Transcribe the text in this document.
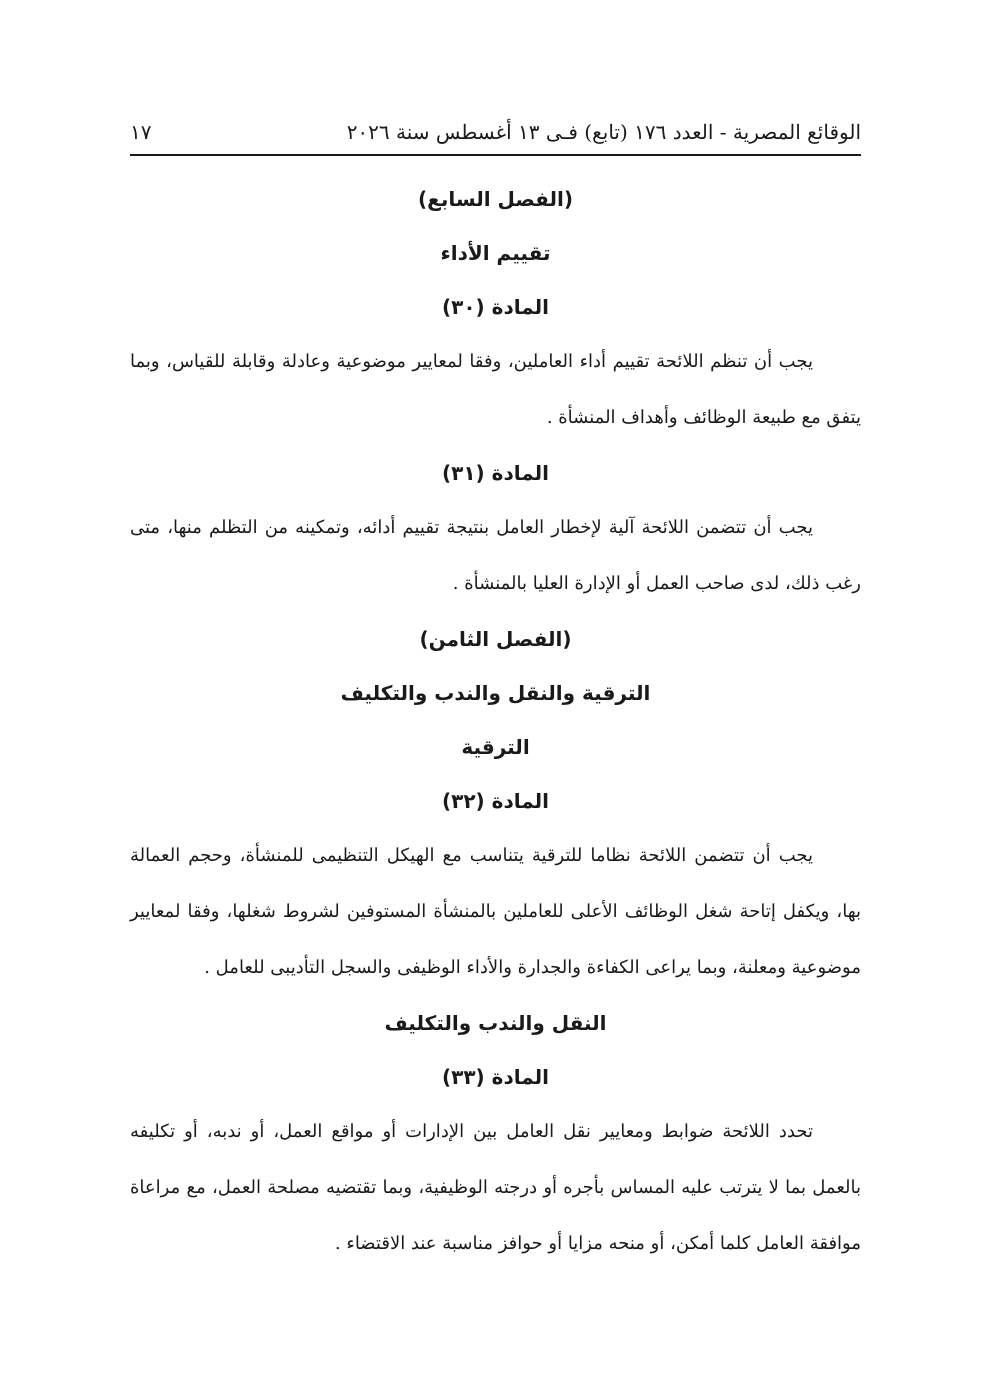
الوقائع المصرية - العدد ١٧٦ (تابع) فـى ١٣ أغسطس سنة ٢٠٢٦
١٧
(الفصل السابع)
تقييم الأداء
المادة (٣٠)

يجب أن تنظم اللائحة تقييم أداء العاملين، وفقا لمعايير موضوعية وعادلة وقابلة للقياس، وبما يتفق مع طبيعة الوظائف وأهداف المنشأة .

المادة (٣١)

يجب أن تتضمن اللائحة آلية لإخطار العامل بنتيجة تقييم أدائه، وتمكينه من التظلم منها، متى رغب ذلك، لدى صاحب العمل أو الإدارة العليا بالمنشأة .

(الفصل الثامن)
الترقية والنقل والندب والتكليف
الترقية
المادة (٣٢)

يجب أن تتضمن اللائحة نظاما للترقية يتناسب مع الهيكل التنظيمى للمنشأة، وحجم العمالة بها، ويكفل إتاحة شغل الوظائف الأعلى للعاملين بالمنشأة المستوفين لشروط شغلها، وفقا لمعايير موضوعية ومعلنة، وبما يراعى الكفاءة والجدارة والأداء الوظيفى والسجل التأديبى للعامل .

النقل والندب والتكليف
المادة (٣٣)

تحدد اللائحة ضوابط ومعايير نقل العامل بين الإدارات أو مواقع العمل، أو ندبه، أو تكليفه بالعمل بما لا يترتب عليه المساس بأجره أو درجته الوظيفية، وبما تقتضيه مصلحة العمل، مع مراعاة موافقة العامل كلما أمكن، أو منحه مزايا أو حوافز مناسبة عند الاقتضاء .
